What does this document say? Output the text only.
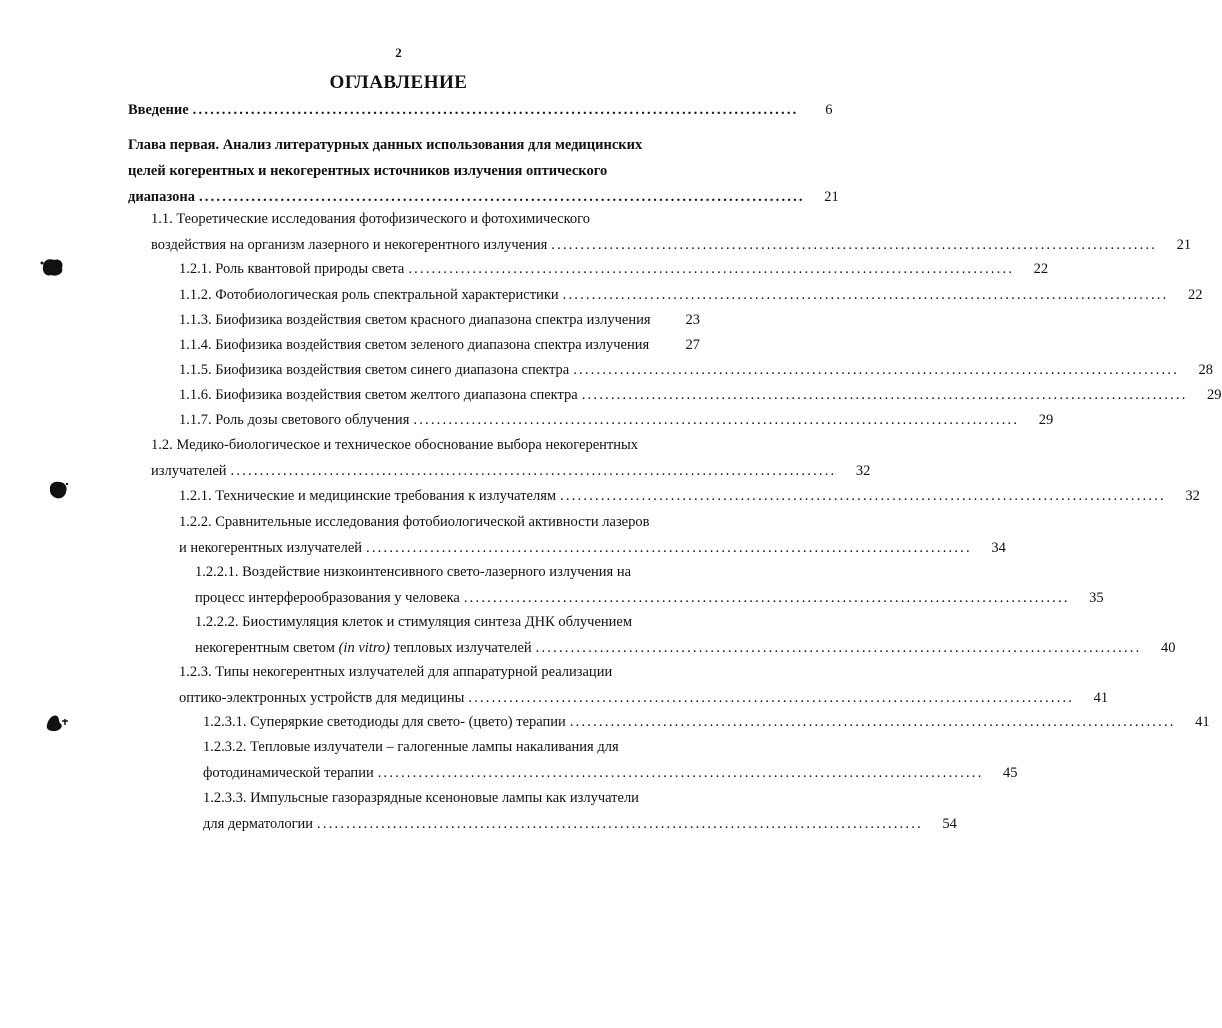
2
ОГЛАВЛЕНИЕ
Введение ........................................................................................................	6
Глава первая. Анализ литературных данных использования для медицинских
целей когерентных и некогерентных источников излучения оптического
диапазона ........................................................................................................	21
1.1. Теоретические исследования фотофизического и фотохимического
воздействия на организм лазерного и некогерентного излучения ........................................................................................................	21
1.2.1. Роль квантовой природы света ........................................................................................................	22
1.1.2. Фотобиологическая роль спектральной характеристики ........................................................................................................	22
1.1.3. Биофизика воздействия светом красного диапазона спектра излучения	23
1.1.4. Биофизика воздействия светом зеленого диапазона спектра излучения	27
1.1.5. Биофизика воздействия светом синего диапазона спектра ........................................................................................................	28
1.1.6. Биофизика воздействия светом желтого диапазона спектра ........................................................................................................	29
1.1.7. Роль дозы светового облучения ........................................................................................................	29
1.2. Медико-биологическое и техническое обоснование выбора некогерентных
излучателей ........................................................................................................	32
1.2.1. Технические и медицинские требования к излучателям ........................................................................................................	32
1.2.2. Сравнительные исследования фотобиологической активности лазеров
и некогерентных излучателей ........................................................................................................	34
1.2.2.1. Воздействие низкоинтенсивного свето-лазерного излучения на
процесс интерфероoбразования у человека ........................................................................................................	35
1.2.2.2. Биостимуляция клеток и стимуляция синтеза ДНК облучением
некогерентным светом (in vitro) тепловых излучателей ........................................................................................................	40
1.2.3. Типы некогерентных излучателей для аппаратурной реализации
оптико-электронных устройств для медицины ........................................................................................................	41
1.2.3.1. Суперяркие светодиоды для свето- (цвето) терапии ........................................................................................................	41
1.2.3.2. Тепловые излучатели – галогенные лампы накаливания для
фотодинамической терапии ........................................................................................................	45
1.2.3.3. Импульсные газоразрядные ксеноновые лампы как излучатели
для дерматологии ........................................................................................................	54
